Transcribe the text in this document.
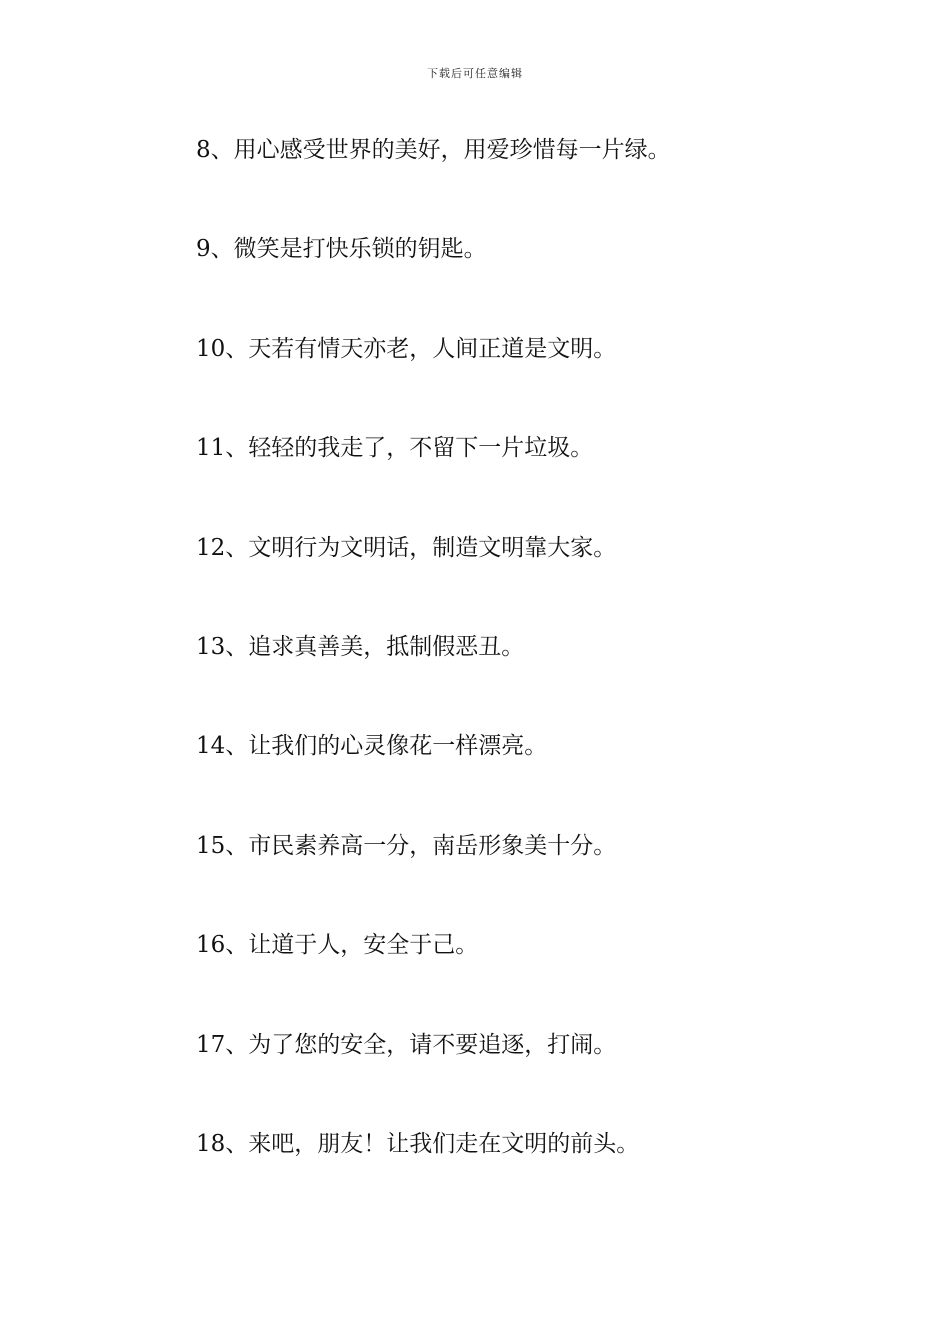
下载后可任意编辑
8、用心感受世界的美好，用爱珍惜每一片绿。
9、微笑是打快乐锁的钥匙。
10、天若有情天亦老，人间正道是文明。
11、轻轻的我走了，不留下一片垃圾。
12、文明行为文明话，制造文明靠大家。
13、追求真善美，抵制假恶丑。
14、让我们的心灵像花一样漂亮。
15、市民素养高一分，南岳形象美十分。
16、让道于人，安全于己。
17、为了您的安全，请不要追逐，打闹。
18、来吧，朋友！让我们走在文明的前头。
